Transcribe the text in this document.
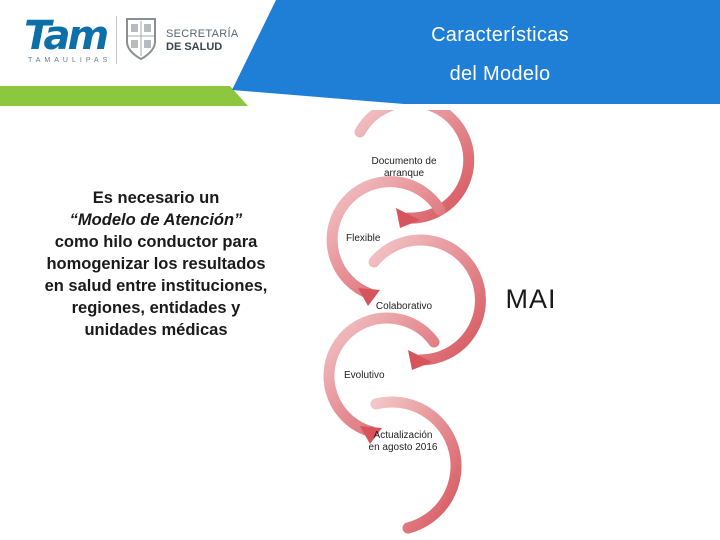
Tam
TAMAULIPAS
SECRETARÍA
DE SALUD
Características
del Modelo
Es necesario un
“Modelo de Atención”
como hilo conductor para homogenizar los resultados en salud entre instituciones, regiones, entidades y unidades médicas
Documento de arranque
Flexible
Colaborativo
Evolutivo
Actualización en agosto 2016
MAI
